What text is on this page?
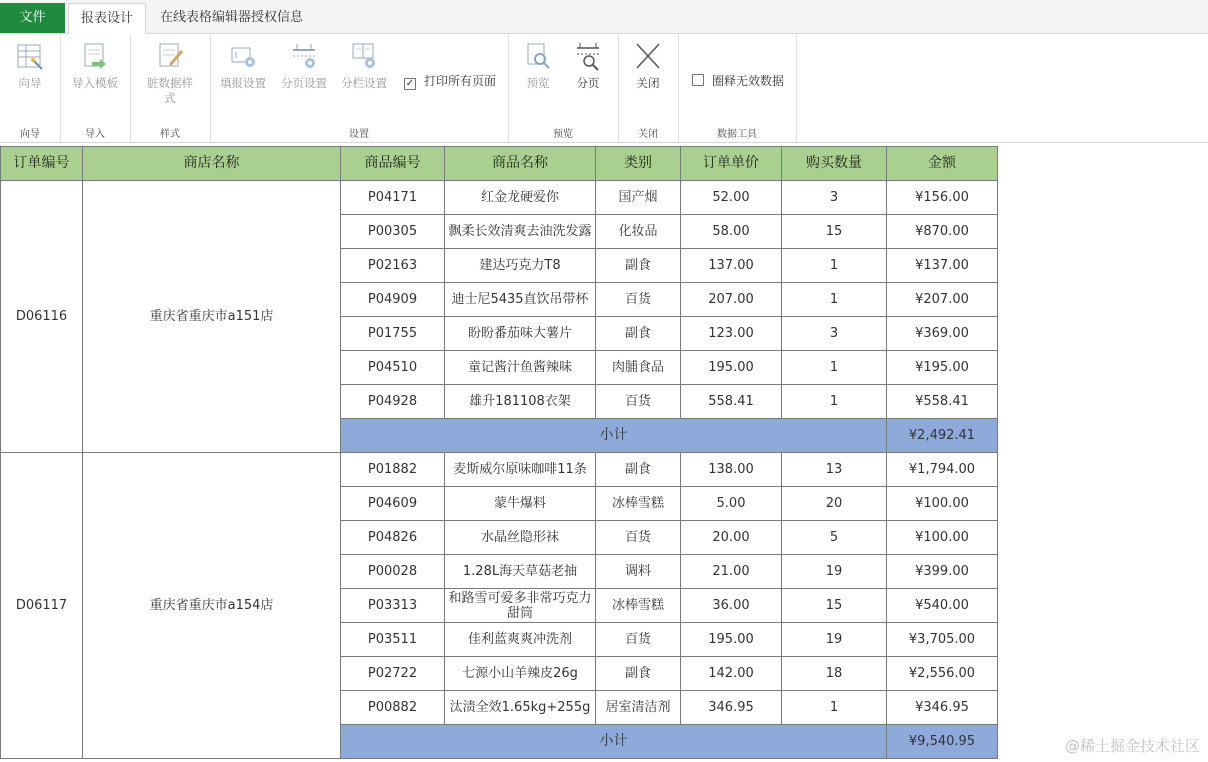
文件	报表设计	在线表格编辑器授权信息
向导
向导
导入模板
导入
脏数据样式
样式
填报设置	分页设置	分栏设置	✓ 打印所有页面
设置
预览	分页
预览
关闭
关闭
圈释无效数据
数据工具
订单编号	商店名称	商品编号	商品名称	类别	订单单价	购买数量	金额
D06116	重庆省重庆市a151店	P04171	红金龙硬爱你	国产烟	52.00	3	¥156.00
		P00305	飘柔长效清爽去油洗发露	化妆品	58.00	15	¥870.00
		P02163	建达巧克力T8	副食	137.00	1	¥137.00
		P04909	迪士尼5435直饮吊带杯	百货	207.00	1	¥207.00
		P01755	盼盼番茄味大薯片	副食	123.00	3	¥369.00
		P04510	童记酱汁鱼酱辣味	肉脯食品	195.00	1	¥195.00
		P04928	雄升181108衣架	百货	558.41	1	¥558.41
		小计					¥2,492.41
D06117	重庆省重庆市a154店	P01882	麦斯威尔原味咖啡11条	副食	138.00	13	¥1,794.00
		P04609	蒙牛爆料	冰棒雪糕	5.00	20	¥100.00
		P04826	水晶丝隐形袜	百货	20.00	5	¥100.00
		P00028	1.28L海天草菇老抽	调料	21.00	19	¥399.00
		P03313	和路雪可爱多非常巧克力甜筒	冰棒雪糕	36.00	15	¥540.00
		P03511	佳利蓝爽爽冲洗剂	百货	195.00	19	¥3,705.00
		P02722	七源小山羊辣皮26g	副食	142.00	18	¥2,556.00
		P00882	汰渍全效1.65kg+255g	居室清洁剂	346.95	1	¥346.95
		小计					¥9,540.95	@稀土掘金技术社区
